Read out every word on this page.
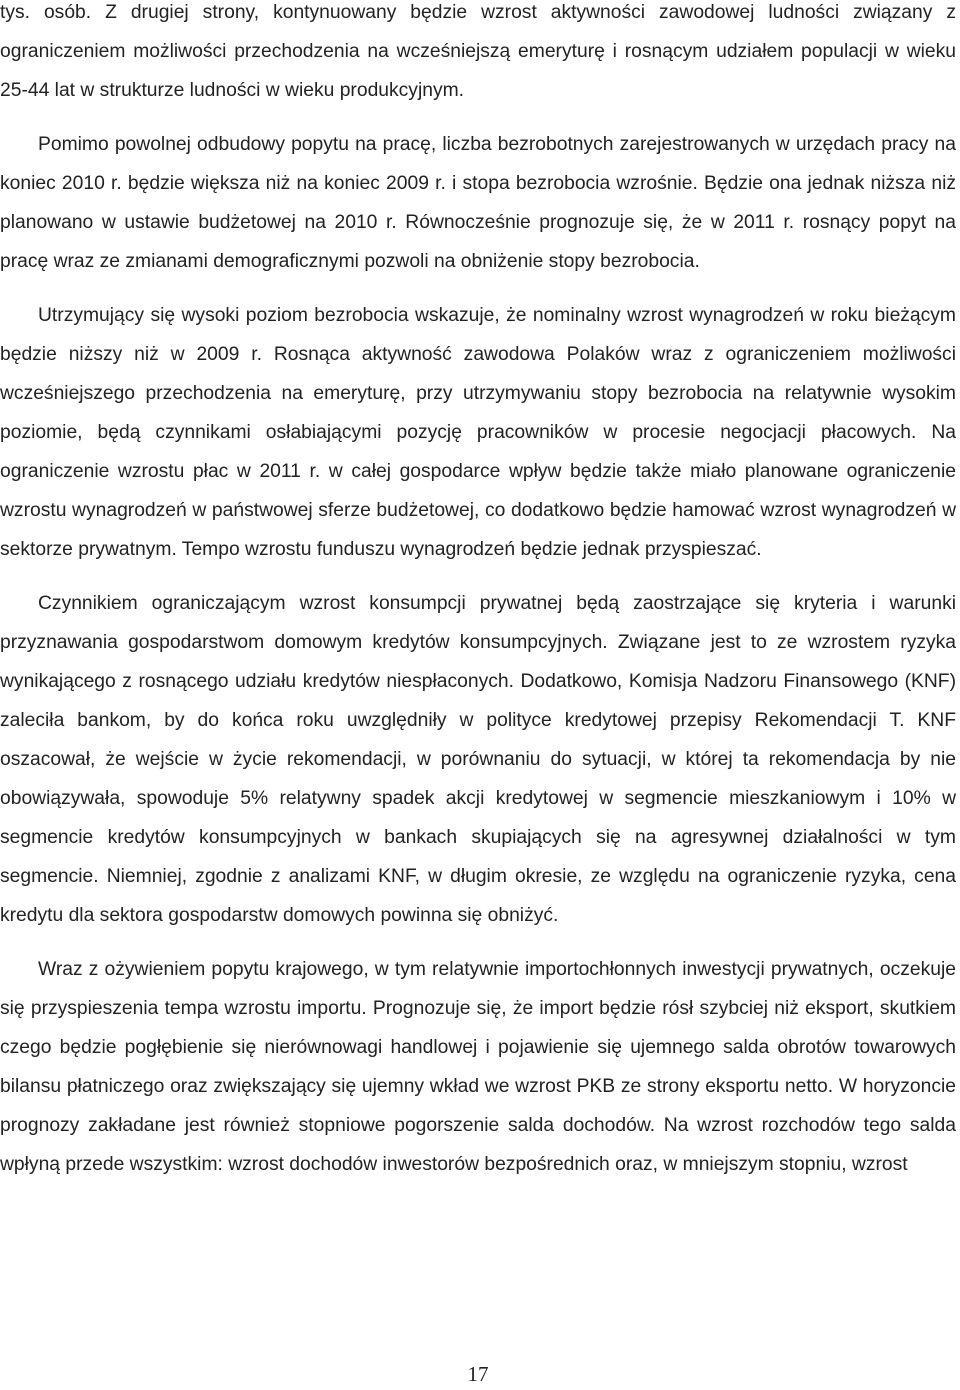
tys. osób. Z drugiej strony, kontynuowany będzie wzrost aktywności zawodowej ludności związany z ograniczeniem możliwości przechodzenia na wcześniejszą emeryturę i rosnącym udziałem populacji w wieku 25-44 lat w strukturze ludności w wieku produkcyjnym.

Pomimo powolnej odbudowy popytu na pracę, liczba bezrobotnych zarejestrowanych w urzędach pracy na koniec 2010 r. będzie większa niż na koniec 2009 r. i stopa bezrobocia wzrośnie. Będzie ona jednak niższa niż planowano w ustawie budżetowej na 2010 r. Równocześnie prognozuje się, że w 2011 r. rosnący popyt na pracę wraz ze zmianami demograficznymi pozwoli na obniżenie stopy bezrobocia.

Utrzymujący się wysoki poziom bezrobocia wskazuje, że nominalny wzrost wynagrodzeń w roku bieżącym będzie niższy niż w 2009 r. Rosnąca aktywność zawodowa Polaków wraz z ograniczeniem możliwości wcześniejszego przechodzenia na emeryturę, przy utrzymywaniu stopy bezrobocia na relatywnie wysokim poziomie, będą czynnikami osłabiającymi pozycję pracowników w procesie negocjacji płacowych. Na ograniczenie wzrostu płac w 2011 r. w całej gospodarce wpływ będzie także miało planowane ograniczenie wzrostu wynagrodzeń w państwowej sferze budżetowej, co dodatkowo będzie hamować wzrost wynagrodzeń w sektorze prywatnym. Tempo wzrostu funduszu wynagrodzeń będzie jednak przyspieszać.

Czynnikiem ograniczającym wzrost konsumpcji prywatnej będą zaostrzające się kryteria i warunki przyznawania gospodarstwom domowym kredytów konsumpcyjnych. Związane jest to ze wzrostem ryzyka wynikającego z rosnącego udziału kredytów niespłaconych. Dodatkowo, Komisja Nadzoru Finansowego (KNF) zaleciła bankom, by do końca roku uwzględniły w polityce kredytowej przepisy Rekomendacji T. KNF oszacował, że wejście w życie rekomendacji, w porównaniu do sytuacji, w której ta rekomendacja by nie obowiązywała, spowoduje 5% relatywny spadek akcji kredytowej w segmencie mieszkaniowym i 10% w segmencie kredytów konsumpcyjnych w bankach skupiających się na agresywnej działalności w tym segmencie. Niemniej, zgodnie z analizami KNF, w długim okresie, ze względu na ograniczenie ryzyka, cena kredytu dla sektora gospodarstw domowych powinna się obniżyć.

Wraz z ożywieniem popytu krajowego, w tym relatywnie importochłonnych inwestycji prywatnych, oczekuje się przyspieszenia tempa wzrostu importu. Prognozuje się, że import będzie rósł szybciej niż eksport, skutkiem czego będzie pogłębienie się nierównowagi handlowej i pojawienie się ujemnego salda obrotów towarowych bilansu płatniczego oraz zwiększający się ujemny wkład we wzrost PKB ze strony eksportu netto. W horyzoncie prognozy zakładane jest również stopniowe pogorszenie salda dochodów. Na wzrost rozchodów tego salda wpłyną przede wszystkim: wzrost dochodów inwestorów bezpośrednich oraz, w mniejszym stopniu, wzrost

17
